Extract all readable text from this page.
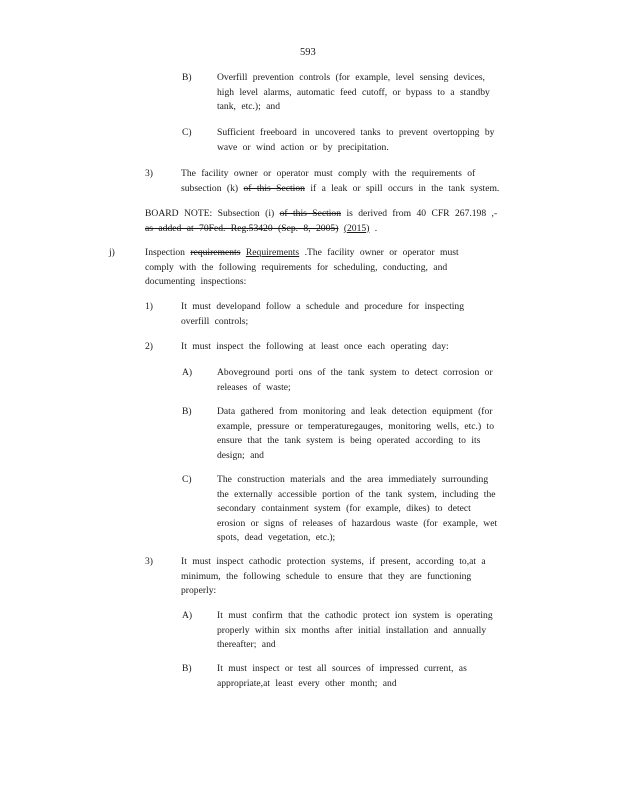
593
B)	Overfill prevention controls (for example, level sensing devices,
high level alarms, automatic feed cutoff, or bypass to a standby
tank, etc.); and
C)	Sufficient freeboard in uncovered tanks to prevent overtopping by
wave or wind action or by precipitation.
3)	The facility owner or operator must comply with the requirements of
subsection (k) of this Section if a leak or spill occurs in the tank system.
BOARD NOTE: Subsection (i) of this Section is derived from 40 CFR 267.198 ,-
as added at 70Fed. Reg.53420 (Sep. 8, 2005) (2015) .
j)	Inspection requirements Requirements .The facility owner or operator must
comply with the following requirements for scheduling, conducting, and
documenting inspections:
1)	It must developand follow a schedule and procedure for inspecting
overfill controls;
2)	It must inspect the following at least once each operating day:
A)	Aboveground porti ons of the tank system to detect corrosion or
releases of waste;
B)	Data gathered from monitoring and leak detection equipment (for
example, pressure or temperaturegauges, monitoring wells, etc.) to
ensure that the tank system is being operated according to its
design; and
C)	The construction materials and the area immediately surrounding
the externally accessible portion of the tank system, including the
secondary containment system (for example, dikes) to detect
erosion or signs of releases of hazardous waste (for example, wet
spots, dead vegetation, etc.);
3)	It must inspect cathodic protection systems, if present, according to,at a
minimum, the following schedule to ensure that they are functioning
properly:
A)	It must confirm that the cathodic protect ion system is operating
properly within six months after initial installation and annually
thereafter; and
B)	It must inspect or test all sources of impressed current, as
appropriate,at least every other month; and
